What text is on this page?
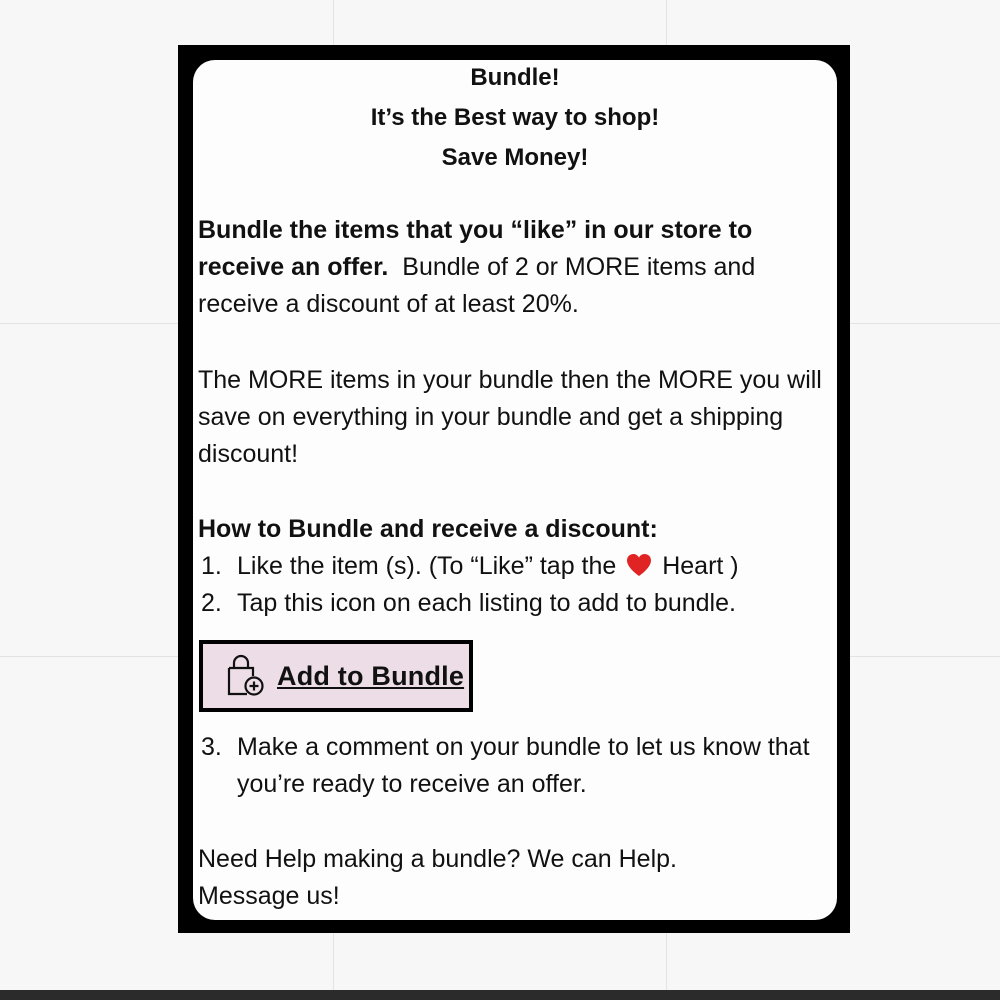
Bundle!
It’s the Best way to shop!
Save Money!
Bundle the items that you “like” in our store to receive an offer. Bundle of 2 or MORE items and receive a discount of at least 20%.
The MORE items in your bundle then the MORE you will save on everything in your bundle and get a shipping discount!
How to Bundle and receive a discount:
1. Like the item (s). (To “Like” tap the Heart )
2. Tap this icon on each listing to add to bundle.
Add to Bundle
3. Make a comment on your bundle to let us know that you’re ready to receive an offer.
Need Help making a bundle? We can Help.
Message us!
